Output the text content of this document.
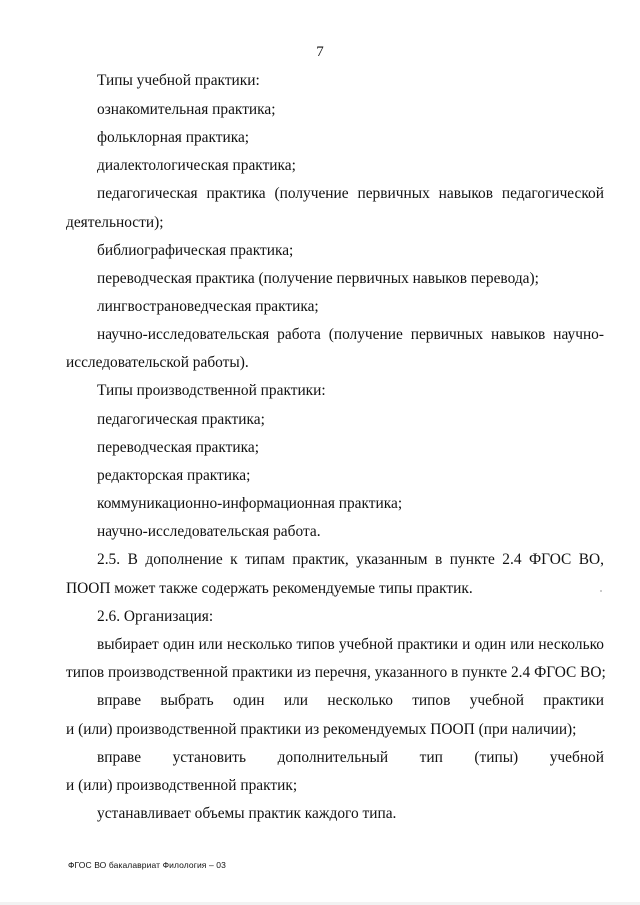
7
Типы учебной практики:
ознакомительная практика;
фольклорная практика;
диалектологическая практика;
педагогическая практика (получение первичных навыков педагогической
деятельности);
библиографическая практика;
переводческая практика (получение первичных навыков перевода);
лингвострановедческая практика;
научно-исследовательская работа (получение первичных навыков научно-
исследовательской работы).
Типы производственной практики:
педагогическая практика;
переводческая практика;
редакторская практика;
коммуникационно-информационная практика;
научно-исследовательская работа.
2.5. В дополнение к типам практик, указанным в пункте 2.4 ФГОС ВО,
ПООП может также содержать рекомендуемые типы практик.
2.6. Организация:
выбирает один или несколько типов учебной практики и один или несколько
типов производственной практики из перечня, указанного в пункте 2.4 ФГОС ВО;
вправе выбрать один или несколько типов учебной практики
и (или) производственной практики из рекомендуемых ПООП (при наличии);
вправе установить дополнительный тип (типы) учебной
и (или) производственной практик;
устанавливает объемы практик каждого типа.
ФГОС ВО бакалавриат Филология – 03
